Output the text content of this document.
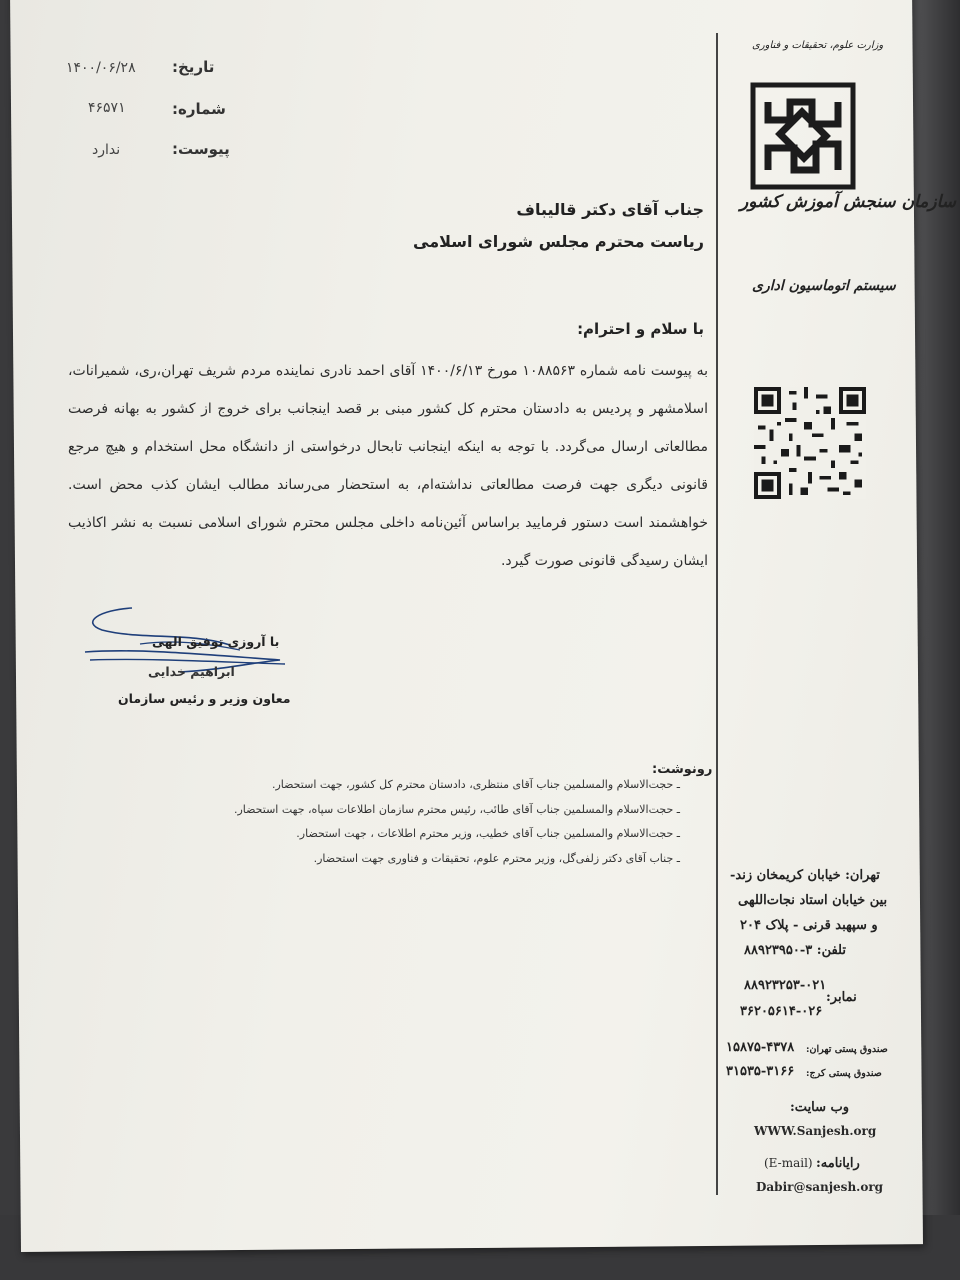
تاریخ:
۱۴۰۰/۰۶/۲۸
شماره:
۴۶۵۷۱
پیوست:
ندارد
جناب آقای دکتر قالیباف
ریاست محترم مجلس شورای اسلامی
با سلام و احترام:
به پیوست نامه شماره ۱۰۸۸۵۶۳ مورخ ۱۴۰۰/۶/۱۳ آقای احمد نادری نماینده مردم شریف تهران،ری، شمیرانات، اسلامشهر و پردیس به دادستان محترم کل کشور مبنی بر قصد اینجانب برای خروج از کشور به بهانه فرصت مطالعاتی ارسال می‌گردد. با توجه به اینکه اینجانب تابحال درخواستی از دانشگاه محل استخدام و هیچ مرجع قانونی دیگری جهت فرصت مطالعاتی نداشته‌ام، به استحضار می‌رساند مطالب ایشان کذب محض است. خواهشمند است دستور فرمایید براساس آئین‌نامه داخلی مجلس محترم شورای اسلامی نسبت به نشر اکاذیب ایشان رسیدگی قانونی صورت گیرد.
با آروزی توفیق الهی
ابراهیم خدایی
معاون وزیر و رئیس سازمان
رونوشت:
ـ حجت‌الاسلام والمسلمین جناب آقای منتظری، دادستان محترم کل کشور، جهت استحضار.
ـ حجت‌الاسلام والمسلمین جناب آقای طائب، رئیس محترم سازمان اطلاعات سپاه، جهت استحضار.
ـ حجت‌الاسلام والمسلمین جناب آقای خطیب، وزیر محترم اطلاعات ، جهت استحضار.
ـ جناب آقای دکتر زلفی‌گل، وزیر محترم علوم، تحقیقات و فناوری جهت استحضار.
وزارت علوم، تحقیقات و فناوری
سازمان سنجش آموزش کشور
سیستم اتوماسیون اداری
تهران: خیابان کریمخان زند-
بین خیابان استاد نجات‌اللهی
و سپهبد قرنی - پلاک ۲۰۴
تلفن: ۳-۸۸۹۲۳۹۵۰
نمابر:
۸۸۹۲۳۲۵۳-۰۲۱
۳۶۲۰۵۶۱۴-۰۲۶
صندوق پستی تهران:
۱۵۸۷۵-۴۳۷۸
صندوق پستی کرج:
۳۱۵۳۵-۳۱۶۶
وب سایت:
WWW.Sanjesh.org
رایانامه:
(E-mail)
Dabir@sanjesh.org
